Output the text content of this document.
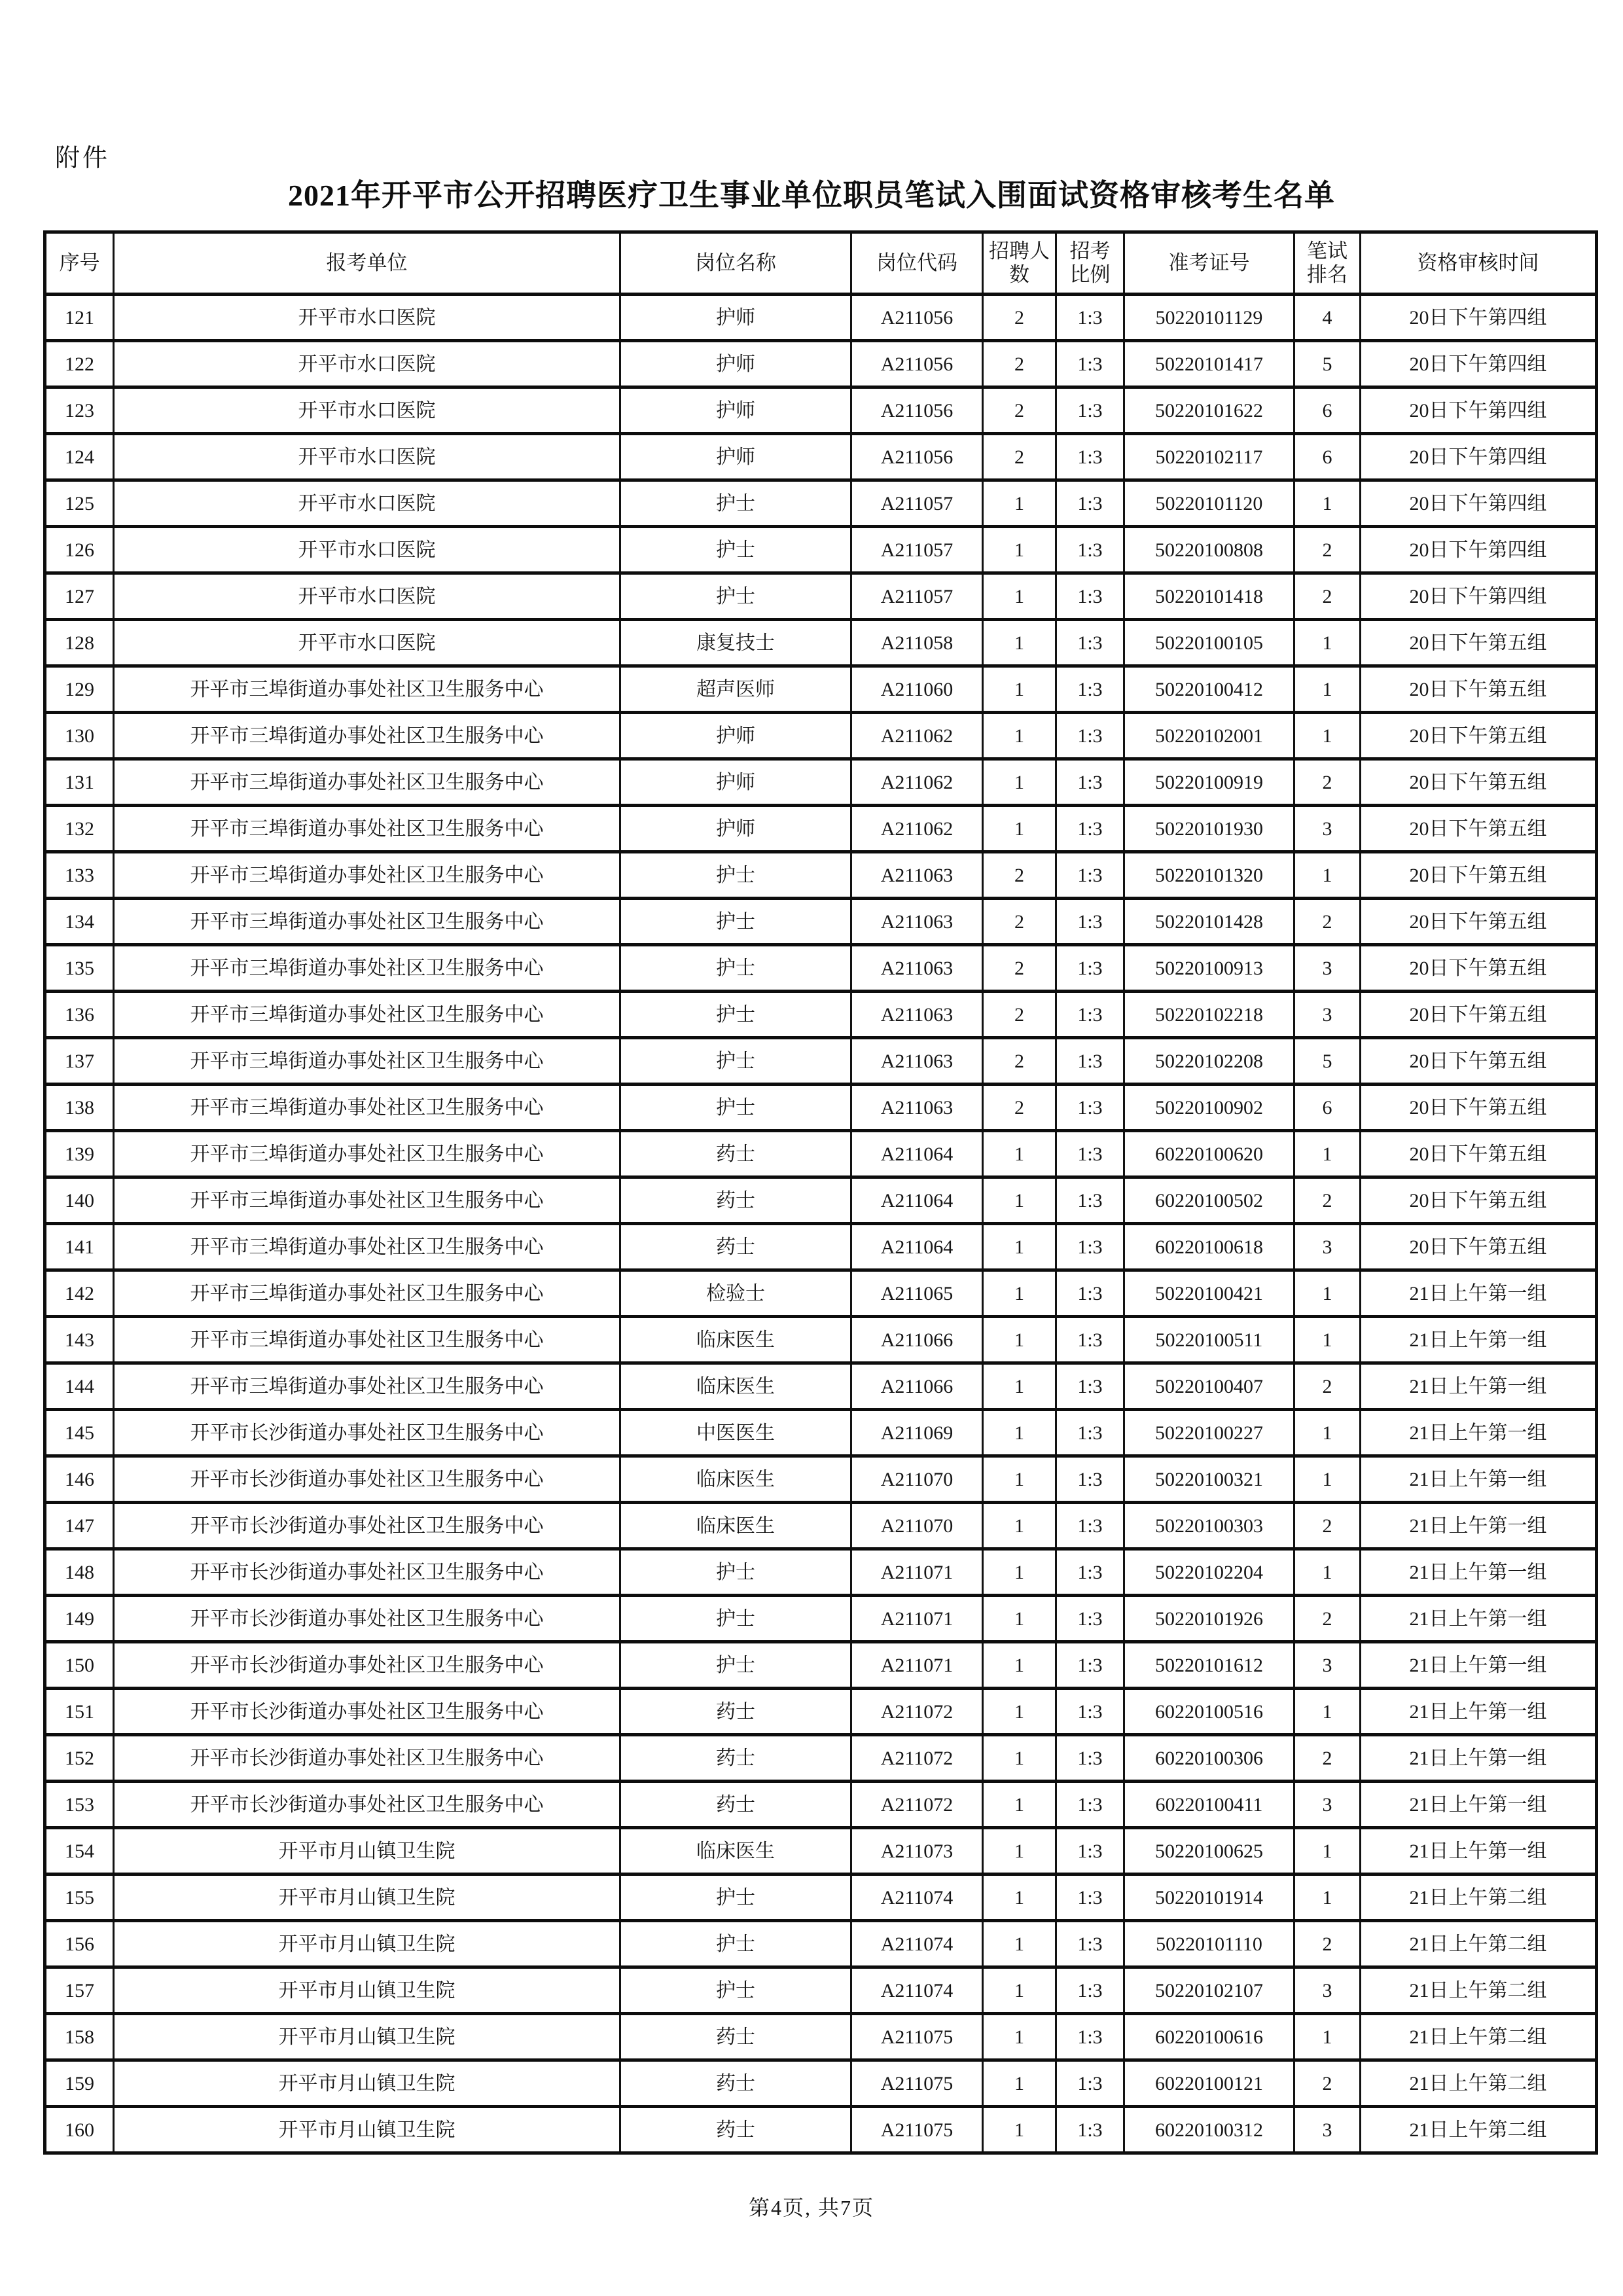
附件
2021年开平市公开招聘医疗卫生事业单位职员笔试入围面试资格审核考生名单
序号	报考单位	岗位名称	岗位代码	招聘人数	招考比例	准考证号	笔试排名	资格审核时间
121	开平市水口医院	护师	A211056	2	1:3	50220101129	4	20日下午第四组
122	开平市水口医院	护师	A211056	2	1:3	50220101417	5	20日下午第四组
123	开平市水口医院	护师	A211056	2	1:3	50220101622	6	20日下午第四组
124	开平市水口医院	护师	A211056	2	1:3	50220102117	6	20日下午第四组
125	开平市水口医院	护士	A211057	1	1:3	50220101120	1	20日下午第四组
126	开平市水口医院	护士	A211057	1	1:3	50220100808	2	20日下午第四组
127	开平市水口医院	护士	A211057	1	1:3	50220101418	2	20日下午第四组
128	开平市水口医院	康复技士	A211058	1	1:3	50220100105	1	20日下午第五组
129	开平市三埠街道办事处社区卫生服务中心	超声医师	A211060	1	1:3	50220100412	1	20日下午第五组
130	开平市三埠街道办事处社区卫生服务中心	护师	A211062	1	1:3	50220102001	1	20日下午第五组
131	开平市三埠街道办事处社区卫生服务中心	护师	A211062	1	1:3	50220100919	2	20日下午第五组
132	开平市三埠街道办事处社区卫生服务中心	护师	A211062	1	1:3	50220101930	3	20日下午第五组
133	开平市三埠街道办事处社区卫生服务中心	护士	A211063	2	1:3	50220101320	1	20日下午第五组
134	开平市三埠街道办事处社区卫生服务中心	护士	A211063	2	1:3	50220101428	2	20日下午第五组
135	开平市三埠街道办事处社区卫生服务中心	护士	A211063	2	1:3	50220100913	3	20日下午第五组
136	开平市三埠街道办事处社区卫生服务中心	护士	A211063	2	1:3	50220102218	3	20日下午第五组
137	开平市三埠街道办事处社区卫生服务中心	护士	A211063	2	1:3	50220102208	5	20日下午第五组
138	开平市三埠街道办事处社区卫生服务中心	护士	A211063	2	1:3	50220100902	6	20日下午第五组
139	开平市三埠街道办事处社区卫生服务中心	药士	A211064	1	1:3	60220100620	1	20日下午第五组
140	开平市三埠街道办事处社区卫生服务中心	药士	A211064	1	1:3	60220100502	2	20日下午第五组
141	开平市三埠街道办事处社区卫生服务中心	药士	A211064	1	1:3	60220100618	3	20日下午第五组
142	开平市三埠街道办事处社区卫生服务中心	检验士	A211065	1	1:3	50220100421	1	21日上午第一组
143	开平市三埠街道办事处社区卫生服务中心	临床医生	A211066	1	1:3	50220100511	1	21日上午第一组
144	开平市三埠街道办事处社区卫生服务中心	临床医生	A211066	1	1:3	50220100407	2	21日上午第一组
145	开平市长沙街道办事处社区卫生服务中心	中医医生	A211069	1	1:3	50220100227	1	21日上午第一组
146	开平市长沙街道办事处社区卫生服务中心	临床医生	A211070	1	1:3	50220100321	1	21日上午第一组
147	开平市长沙街道办事处社区卫生服务中心	临床医生	A211070	1	1:3	50220100303	2	21日上午第一组
148	开平市长沙街道办事处社区卫生服务中心	护士	A211071	1	1:3	50220102204	1	21日上午第一组
149	开平市长沙街道办事处社区卫生服务中心	护士	A211071	1	1:3	50220101926	2	21日上午第一组
150	开平市长沙街道办事处社区卫生服务中心	护士	A211071	1	1:3	50220101612	3	21日上午第一组
151	开平市长沙街道办事处社区卫生服务中心	药士	A211072	1	1:3	60220100516	1	21日上午第一组
152	开平市长沙街道办事处社区卫生服务中心	药士	A211072	1	1:3	60220100306	2	21日上午第一组
153	开平市长沙街道办事处社区卫生服务中心	药士	A211072	1	1:3	60220100411	3	21日上午第一组
154	开平市月山镇卫生院	临床医生	A211073	1	1:3	50220100625	1	21日上午第一组
155	开平市月山镇卫生院	护士	A211074	1	1:3	50220101914	1	21日上午第二组
156	开平市月山镇卫生院	护士	A211074	1	1:3	50220101110	2	21日上午第二组
157	开平市月山镇卫生院	护士	A211074	1	1:3	50220102107	3	21日上午第二组
158	开平市月山镇卫生院	药士	A211075	1	1:3	60220100616	1	21日上午第二组
159	开平市月山镇卫生院	药士	A211075	1	1:3	60220100121	2	21日上午第二组
160	开平市月山镇卫生院	药士	A211075	1	1:3	60220100312	3	21日上午第二组
第4页, 共7页
